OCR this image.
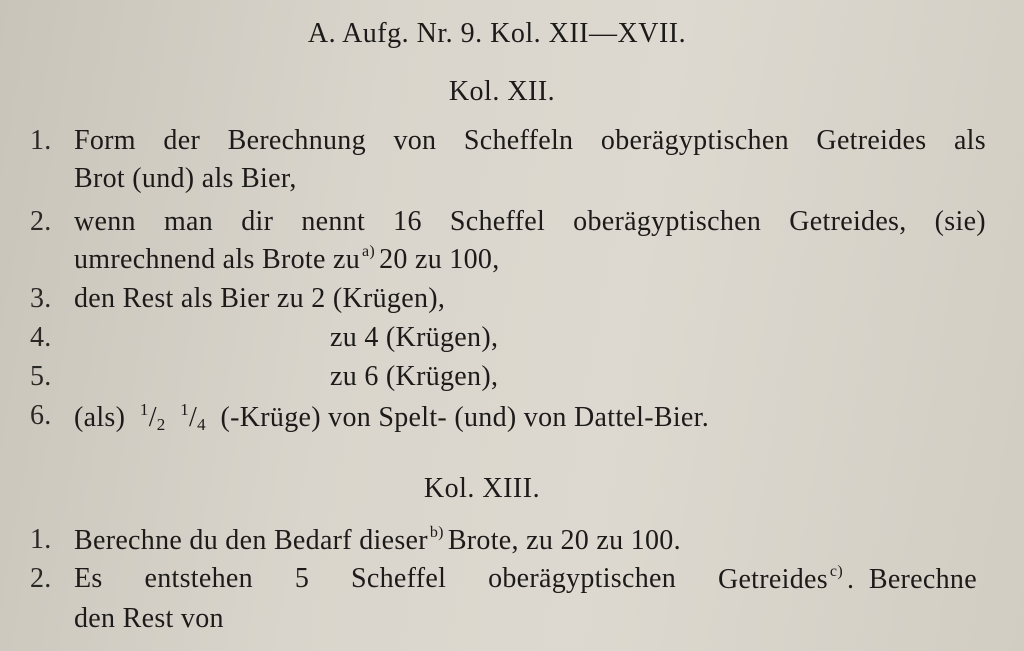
A. Aufg. Nr. 9. Kol. XII—XVII.
Kol. XII.
1. Form der Berechnung von Scheffeln oberägyptischen Getreides als
Brot (und) als Bier,
2. wenn man dir nennt 16 Scheffel oberägyptischen Getreides, (sie)
umrechnend als Brote zu $^{a)}$ 20 zu 100,
3. den Rest als Bier zu 2 (Krügen),
4.	zu 4 (Krügen),
5.	zu 6 (Krügen),
6. (als) $^1/_2$  $^1/_4$ (-Krüge) von Spelt- (und) von Dattel-Bier.
Kol. XIII.
1. Berechne du den Bedarf dieser $^{b)}$ Brote, zu 20 zu 100.
2. Es entstehen 5 Scheffel oberägyptischen Getreides $^{c)}$ .  Berechne
den Rest von
